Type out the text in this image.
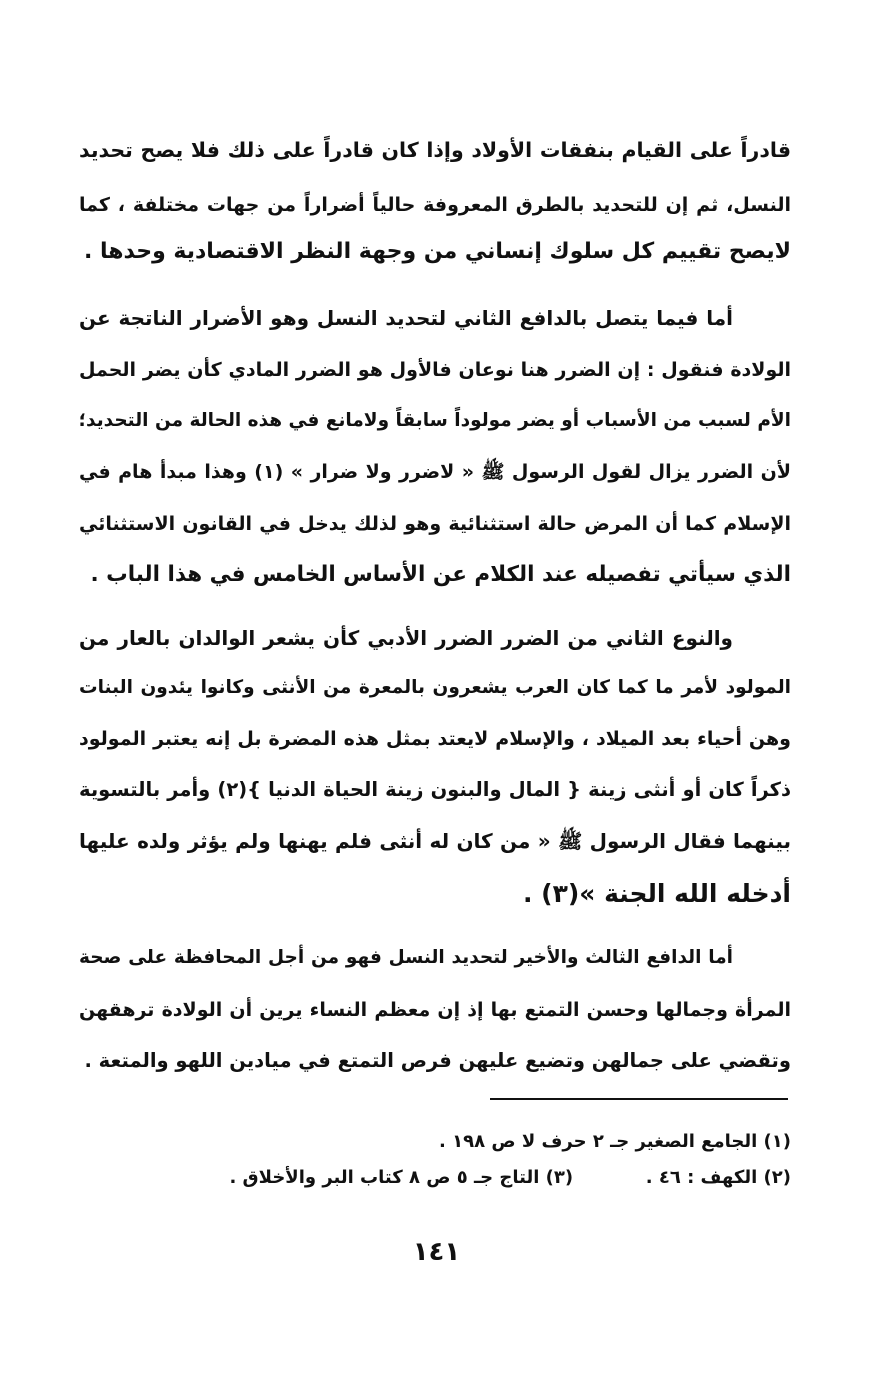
قادراً على القيام بنفقات الأولاد وإذا كان قادراً على ذلك فلا يصح تحديد
النسل، ثم إن للتحديد بالطرق المعروفة حالياً أضراراً من جهات مختلفة ، كما
لايصح تقييم كل سلوك إنساني من وجهة النظر الاقتصادية وحدها .
أما فيما يتصل بالدافع الثاني لتحديد النسل وهو الأضرار الناتجة عن
الولادة فنقول : إن الضرر هنا نوعان فالأول هو الضرر المادي كأن يضر الحمل
الأم لسبب من الأسباب أو يضر مولوداً سابقاً ولامانع في هذه الحالة من التحديد؛
لأن الضرر يزال لقول الرسول ﷺ « لاضرر ولا ضرار » (١) وهذا مبدأ هام في
الإسلام كما أن المرض حالة استثنائية وهو لذلك يدخل في القانون الاستثنائي
الذي سيأتي تفصيله عند الكلام عن الأساس الخامس في هذا الباب .
والنوع الثاني من الضرر الضرر الأدبي كأن يشعر الوالدان بالعار من
المولود لأمر ما كما كان العرب يشعرون بالمعرة من الأنثى وكانوا يئدون البنات
وهن أحياء بعد الميلاد ، والإسلام لايعتد بمثل هذه المضرة بل إنه يعتبر المولود
ذكراً كان أو أنثى زينة { المال والبنون زينة الحياة الدنيا }(٢) وأمر بالتسوية
بينهما فقال الرسول ﷺ « من كان له أنثى فلم يهنها ولم يؤثر ولده عليها
أدخله الله الجنة »(٣) .
أما الدافع الثالث والأخير لتحديد النسل فهو من أجل المحافظة على صحة
المرأة وجمالها وحسن التمتع بها إذ إن معظم النساء يرين أن الولادة ترهقهن
وتقضي على جمالهن وتضيع عليهن فرص التمتع في ميادين اللهو والمتعة .
(١) الجامع الصغير جـ ٢ حرف لا ص ١٩٨ .
(٢) الكهف : ٤٦ .  (٣) التاج جـ ٥ ص ٨ كتاب البر والأخلاق .
١٤١
